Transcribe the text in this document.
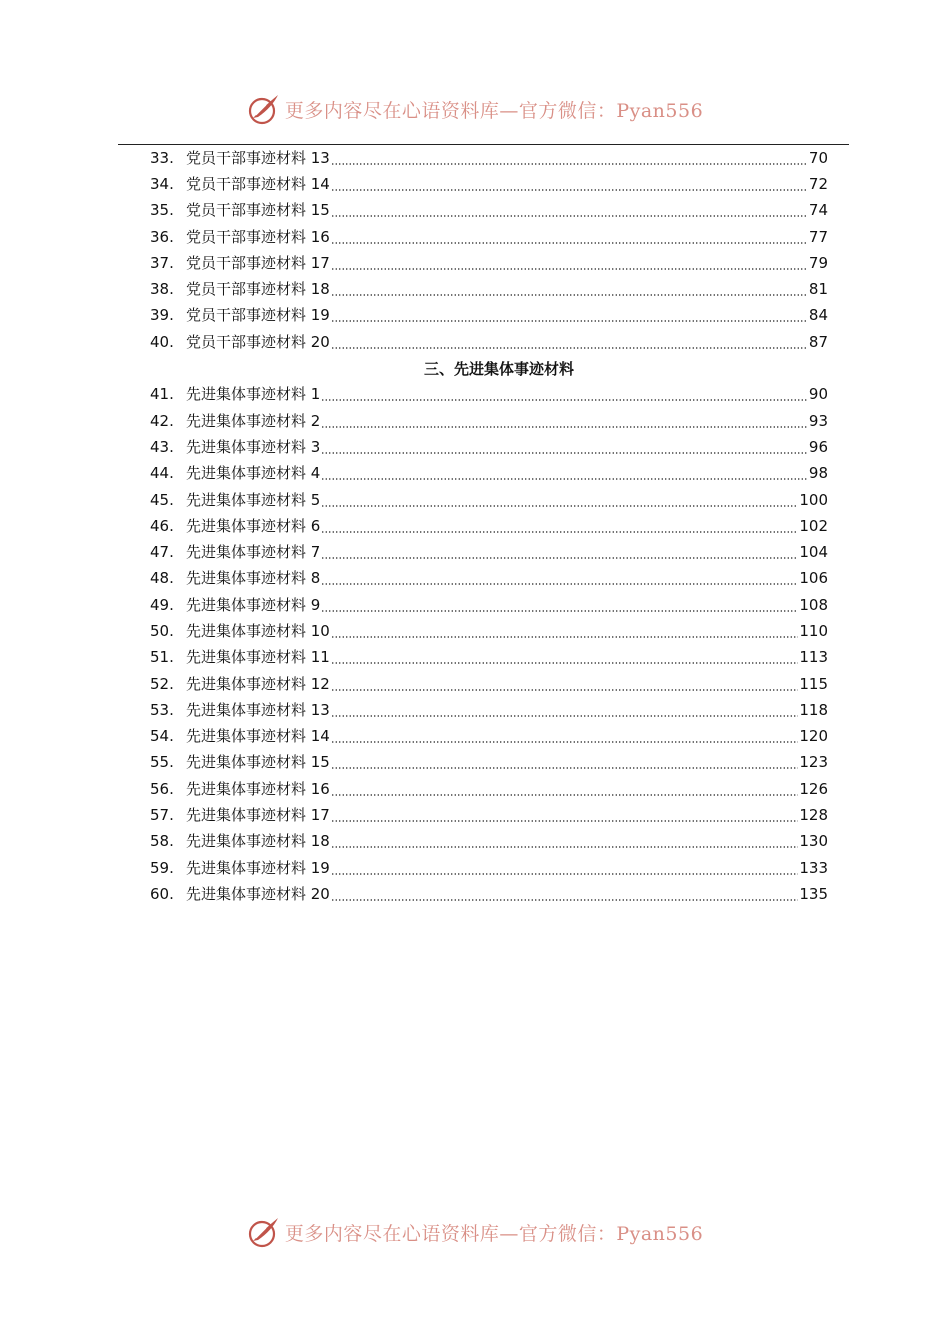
更多内容尽在心语资料库—官方微信：Pyan556
33. 党员干部事迹材料 13	70
34. 党员干部事迹材料 14	72
35. 党员干部事迹材料 15	74
36. 党员干部事迹材料 16	77
37. 党员干部事迹材料 17	79
38. 党员干部事迹材料 18	81
39. 党员干部事迹材料 19	84
40. 党员干部事迹材料 20	87
三、先进集体事迹材料
41. 先进集体事迹材料 1	90
42. 先进集体事迹材料 2	93
43. 先进集体事迹材料 3	96
44. 先进集体事迹材料 4	98
45. 先进集体事迹材料 5	100
46. 先进集体事迹材料 6	102
47. 先进集体事迹材料 7	104
48. 先进集体事迹材料 8	106
49. 先进集体事迹材料 9	108
50. 先进集体事迹材料 10	110
51. 先进集体事迹材料 11	113
52. 先进集体事迹材料 12	115
53. 先进集体事迹材料 13	118
54. 先进集体事迹材料 14	120
55. 先进集体事迹材料 15	123
56. 先进集体事迹材料 16	126
57. 先进集体事迹材料 17	128
58. 先进集体事迹材料 18	130
59. 先进集体事迹材料 19	133
60. 先进集体事迹材料 20	135
更多内容尽在心语资料库—官方微信：Pyan556
